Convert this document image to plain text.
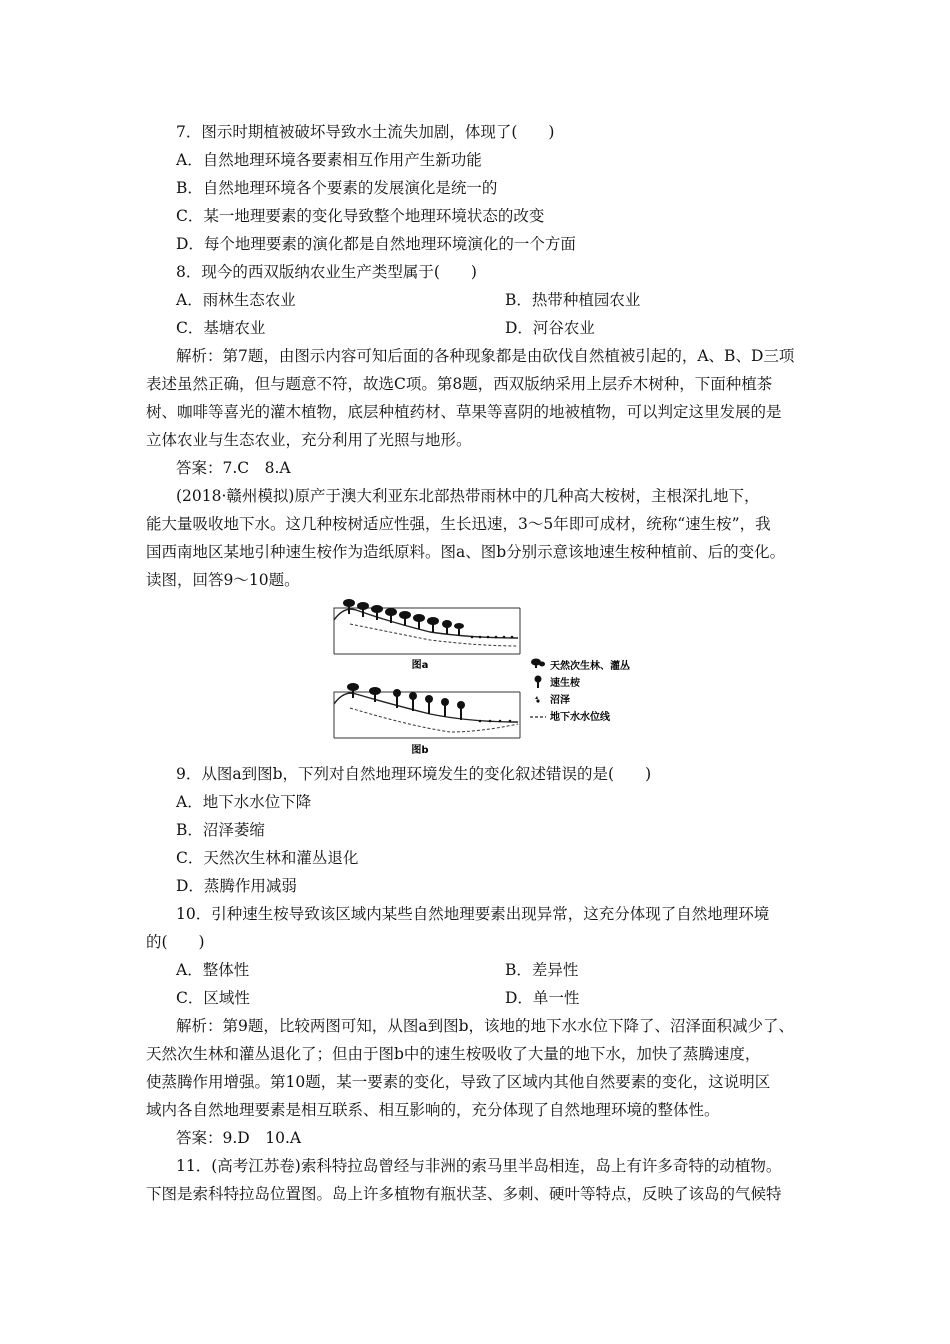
7．图示时期植被破坏导致水土流失加剧，体现了(　　)
A．自然地理环境各要素相互作用产生新功能
B．自然地理环境各个要素的发展演化是统一的
C．某一地理要素的变化导致整个地理环境状态的改变
D．每个地理要素的演化都是自然地理环境演化的一个方面
8．现今的西双版纳农业生产类型属于(　　)
A．雨林生态农业	B．热带种植园农业
C．基塘农业	D．河谷农业
解析：第7题，由图示内容可知后面的各种现象都是由砍伐自然植被引起的，A、B、D三项
表述虽然正确，但与题意不符，故选C项。第8题，西双版纳采用上层乔木树种，下面种植茶
树、咖啡等喜光的灌木植物，底层种植药材、草果等喜阴的地被植物，可以判定这里发展的是
立体农业与生态农业，充分利用了光照与地形。
答案：7.C　8.A
(2018·赣州模拟)原产于澳大利亚东北部热带雨林中的几种高大桉树，主根深扎地下，
能大量吸收地下水。这几种桉树适应性强，生长迅速，3～5年即可成材，统称“速生桉”，我
国西南地区某地引种速生桉作为造纸原料。图a、图b分别示意该地速生桉种植前、后的变化。
读图，回答9～10题。
图a
图b
天然次生林、灌丛
速生桉
沼泽
地下水水位线
9．从图a到图b，下列对自然地理环境发生的变化叙述错误的是(　　)
A．地下水水位下降
B．沼泽萎缩
C．天然次生林和灌丛退化
D．蒸腾作用减弱
10．引种速生桉导致该区域内某些自然地理要素出现异常，这充分体现了自然地理环境
的(　　)
A．整体性	B．差异性
C．区域性	D．单一性
解析：第9题，比较两图可知，从图a到图b，该地的地下水水位下降了、沼泽面积减少了、
天然次生林和灌丛退化了；但由于图b中的速生桉吸收了大量的地下水，加快了蒸腾速度，
使蒸腾作用增强。第10题，某一要素的变化，导致了区域内其他自然要素的变化，这说明区
域内各自然地理要素是相互联系、相互影响的，充分体现了自然地理环境的整体性。
答案：9.D　10.A
11．(高考江苏卷)索科特拉岛曾经与非洲的索马里半岛相连，岛上有许多奇特的动植物。
下图是索科特拉岛位置图。岛上许多植物有瓶状茎、多刺、硬叶等特点，反映了该岛的气候特
